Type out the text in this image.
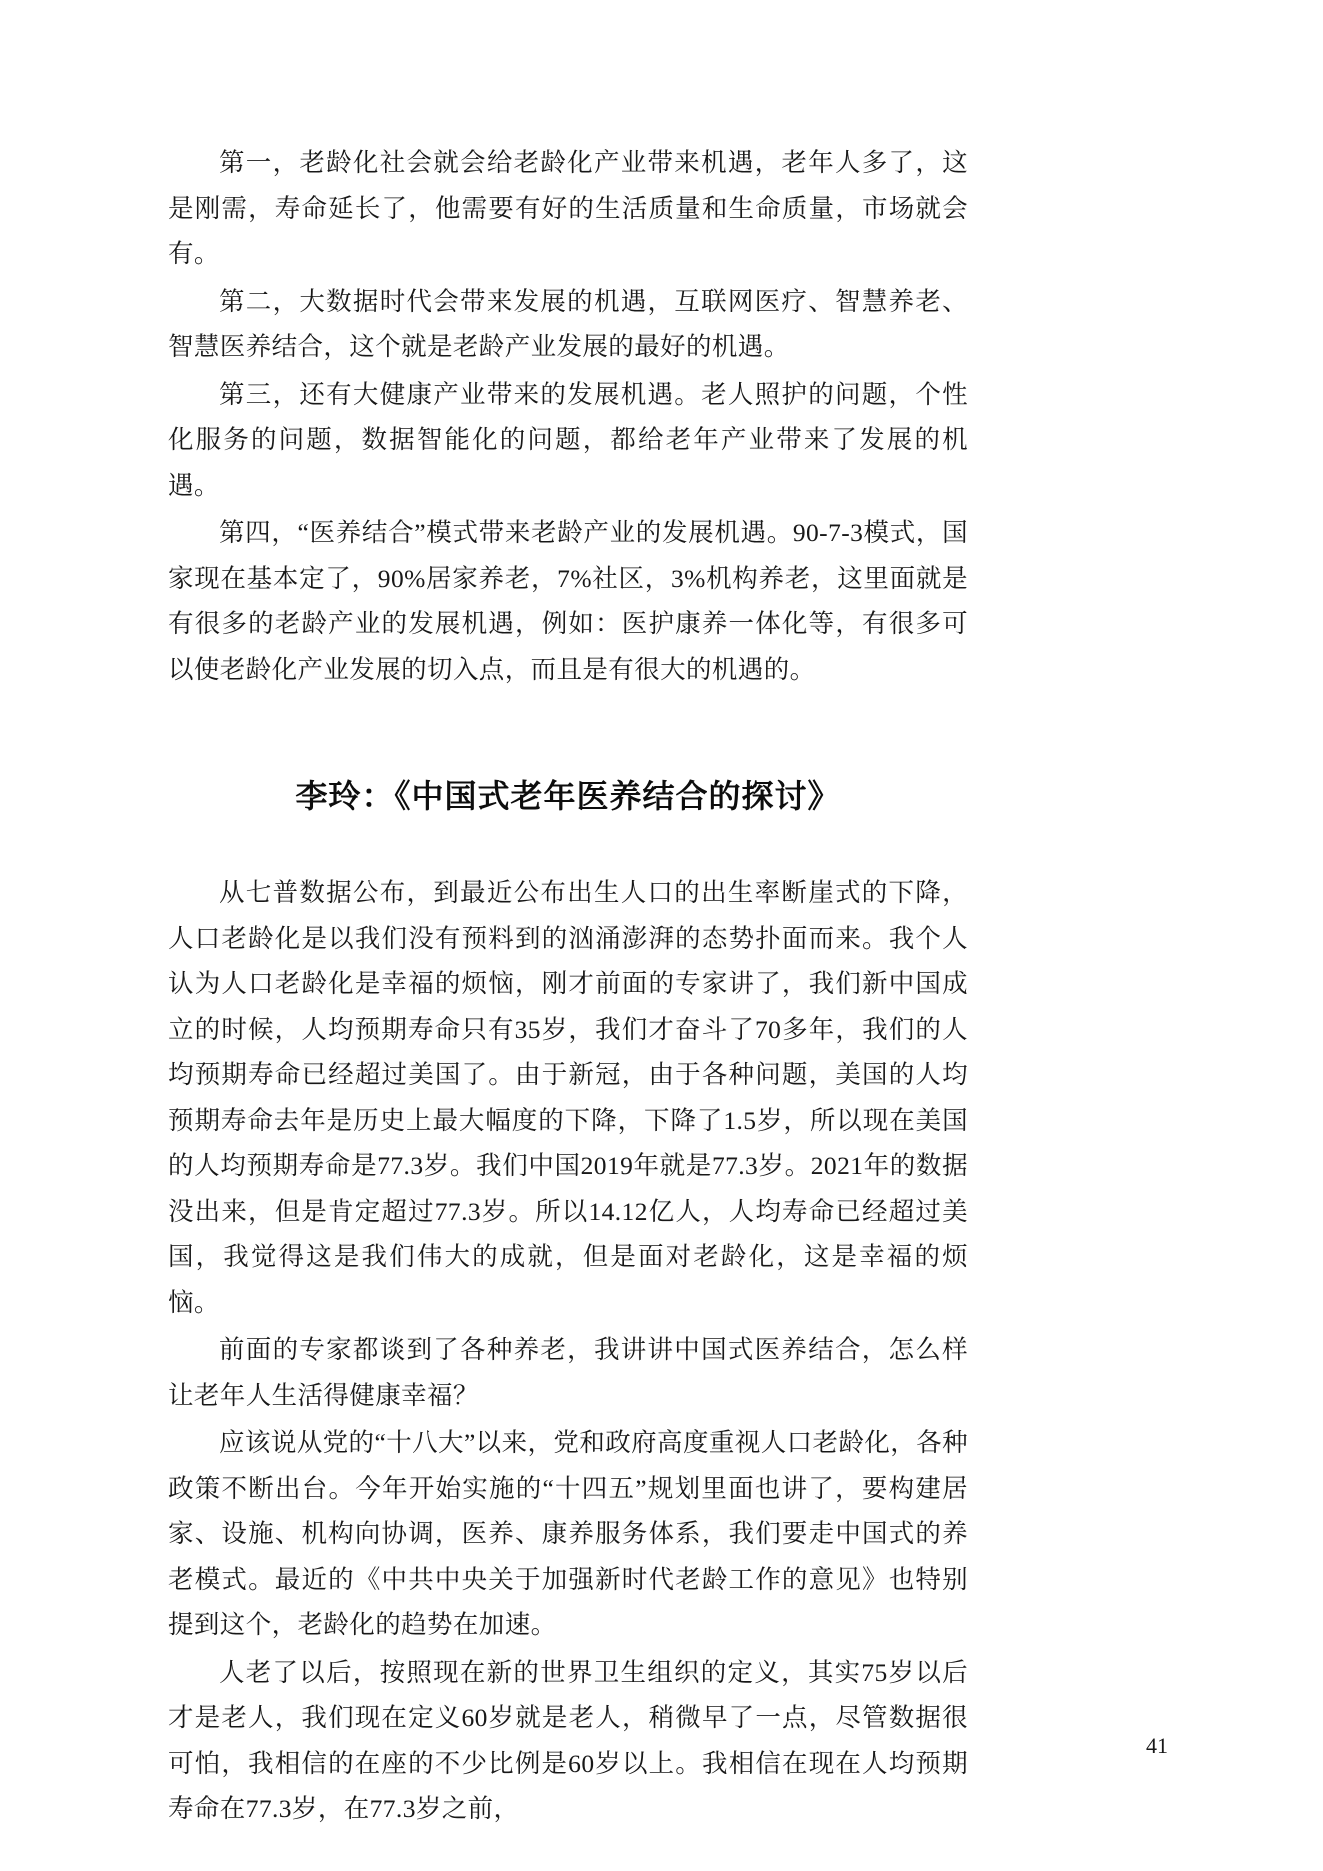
第一，老龄化社会就会给老龄化产业带来机遇，老年人多了，这是刚需，寿命延长了，他需要有好的生活质量和生命质量，市场就会有。

第二，大数据时代会带来发展的机遇，互联网医疗、智慧养老、智慧医养结合，这个就是老龄产业发展的最好的机遇。

第三，还有大健康产业带来的发展机遇。老人照护的问题，个性化服务的问题，数据智能化的问题，都给老年产业带来了发展的机遇。

第四，“医养结合”模式带来老龄产业的发展机遇。90-7-3模式，国家现在基本定了，90%居家养老，7%社区，3%机构养老，这里面就是有很多的老龄产业的发展机遇，例如：医护康养一体化等，有很多可以使老龄化产业发展的切入点，而且是有很大的机遇的。

李玲：《中国式老年医养结合的探讨》

从七普数据公布，到最近公布出生人口的出生率断崖式的下降，人口老龄化是以我们没有预料到的汹涌澎湃的态势扑面而来。我个人认为人口老龄化是幸福的烦恼，刚才前面的专家讲了，我们新中国成立的时候，人均预期寿命只有35岁，我们才奋斗了70多年，我们的人均预期寿命已经超过美国了。由于新冠，由于各种问题，美国的人均预期寿命去年是历史上最大幅度的下降，下降了1.5岁，所以现在美国的人均预期寿命是77.3岁。我们中国2019年就是77.3岁。2021年的数据没出来，但是肯定超过77.3岁。所以14.12亿人，人均寿命已经超过美国，我觉得这是我们伟大的成就，但是面对老龄化，这是幸福的烦恼。

前面的专家都谈到了各种养老，我讲讲中国式医养结合，怎么样让老年人生活得健康幸福？

应该说从党的“十八大”以来，党和政府高度重视人口老龄化，各种政策不断出台。今年开始实施的“十四五”规划里面也讲了，要构建居家、设施、机构向协调，医养、康养服务体系，我们要走中国式的养老模式。最近的《中共中央关于加强新时代老龄工作的意见》也特别提到这个，老龄化的趋势在加速。

人老了以后，按照现在新的世界卫生组织的定义，其实75岁以后才是老人，我们现在定义60岁就是老人，稍微早了一点，尽管数据很可怕，我相信的在座的不少比例是60岁以上。我相信在现在人均预期寿命在77.3岁，在77.3岁之前，

41
